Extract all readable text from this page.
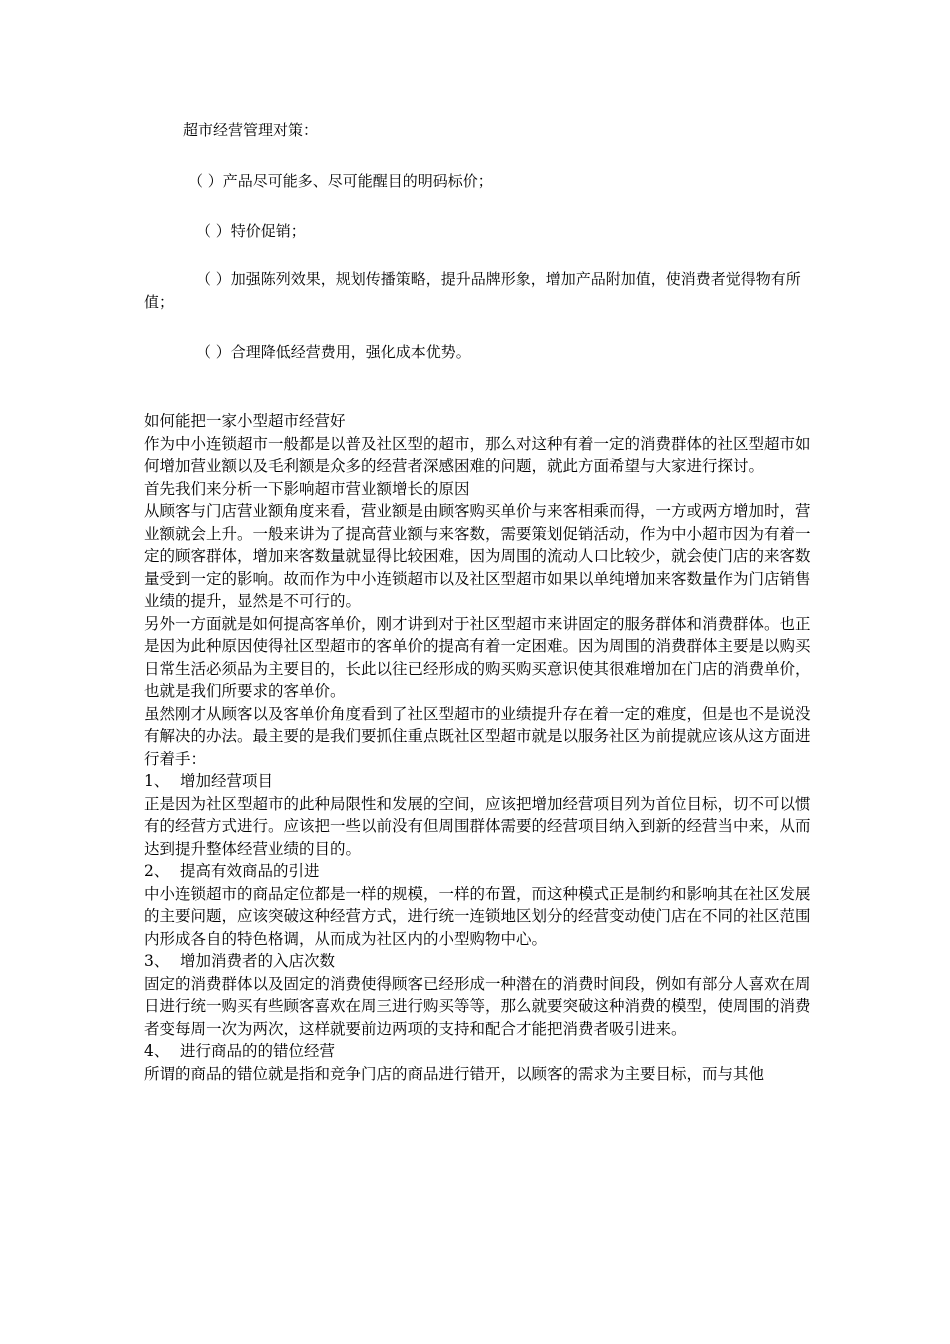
超市经营管理对策：
（ ）产品尽可能多、尽可能醒目的明码标价；
（ ）特价促销；
（ ）加强陈列效果，规划传播策略，提升品牌形象，增加产品附加值，使消费者觉得物有所值；
（ ）合理降低经营费用，强化成本优势。

如何能把一家小型超市经营好

作为中小连锁超市一般都是以普及社区型的超市，那么对这种有着一定的消费群体的社区型超市如何增加营业额以及毛利额是众多的经营者深感困难的问题，就此方面希望与大家进行探讨。

首先我们来分析一下影响超市营业额增长的原因

从顾客与门店营业额角度来看，营业额是由顾客购买单价与来客相乘而得，一方或两方增加时，营业额就会上升。一般来讲为了提高营业额与来客数，需要策划促销活动，作为中小超市因为有着一定的顾客群体，增加来客数量就显得比较困难，因为周围的流动人口比较少，就会使门店的来客数量受到一定的影响。故而作为中小连锁超市以及社区型超市如果以单纯增加来客数量作为门店销售业绩的提升，显然是不可行的。

另外一方面就是如何提高客单价，刚才讲到对于社区型超市来讲固定的服务群体和消费群体。也正是因为此种原因使得社区型超市的客单价的提高有着一定困难。因为周围的消费群体主要是以购买日常生活必须品为主要目的，长此以往已经形成的购买购买意识使其很难增加在门店的消费单价，也就是我们所要求的客单价。

虽然刚才从顾客以及客单价角度看到了社区型超市的业绩提升存在着一定的难度，但是也不是说没有解决的办法。最主要的是我们要抓住重点既社区型超市就是以服务社区为前提就应该从这方面进行着手：

1、 增加经营项目

正是因为社区型超市的此种局限性和发展的空间，应该把增加经营项目列为首位目标，切不可以惯有的经营方式进行。应该把一些以前没有但周围群体需要的经营项目纳入到新的经营当中来，从而达到提升整体经营业绩的目的。

2、 提高有效商品的引进

中小连锁超市的商品定位都是一样的规模，一样的布置，而这种模式正是制约和影响其在社区发展的主要问题，应该突破这种经营方式，进行统一连锁地区划分的经营变动使门店在不同的社区范围内形成各自的特色格调，从而成为社区内的小型购物中心。

3、 增加消费者的入店次数

固定的消费群体以及固定的消费使得顾客已经形成一种潜在的消费时间段，例如有部分人喜欢在周日进行统一购买有些顾客喜欢在周三进行购买等等，那么就要突破这种消费的模型，使周围的消费者变每周一次为两次，这样就要前边两项的支持和配合才能把消费者吸引进来。

4、 进行商品的的错位经营

所谓的商品的错位就是指和竞争门店的商品进行错开，以顾客的需求为主要目标，而与其他
